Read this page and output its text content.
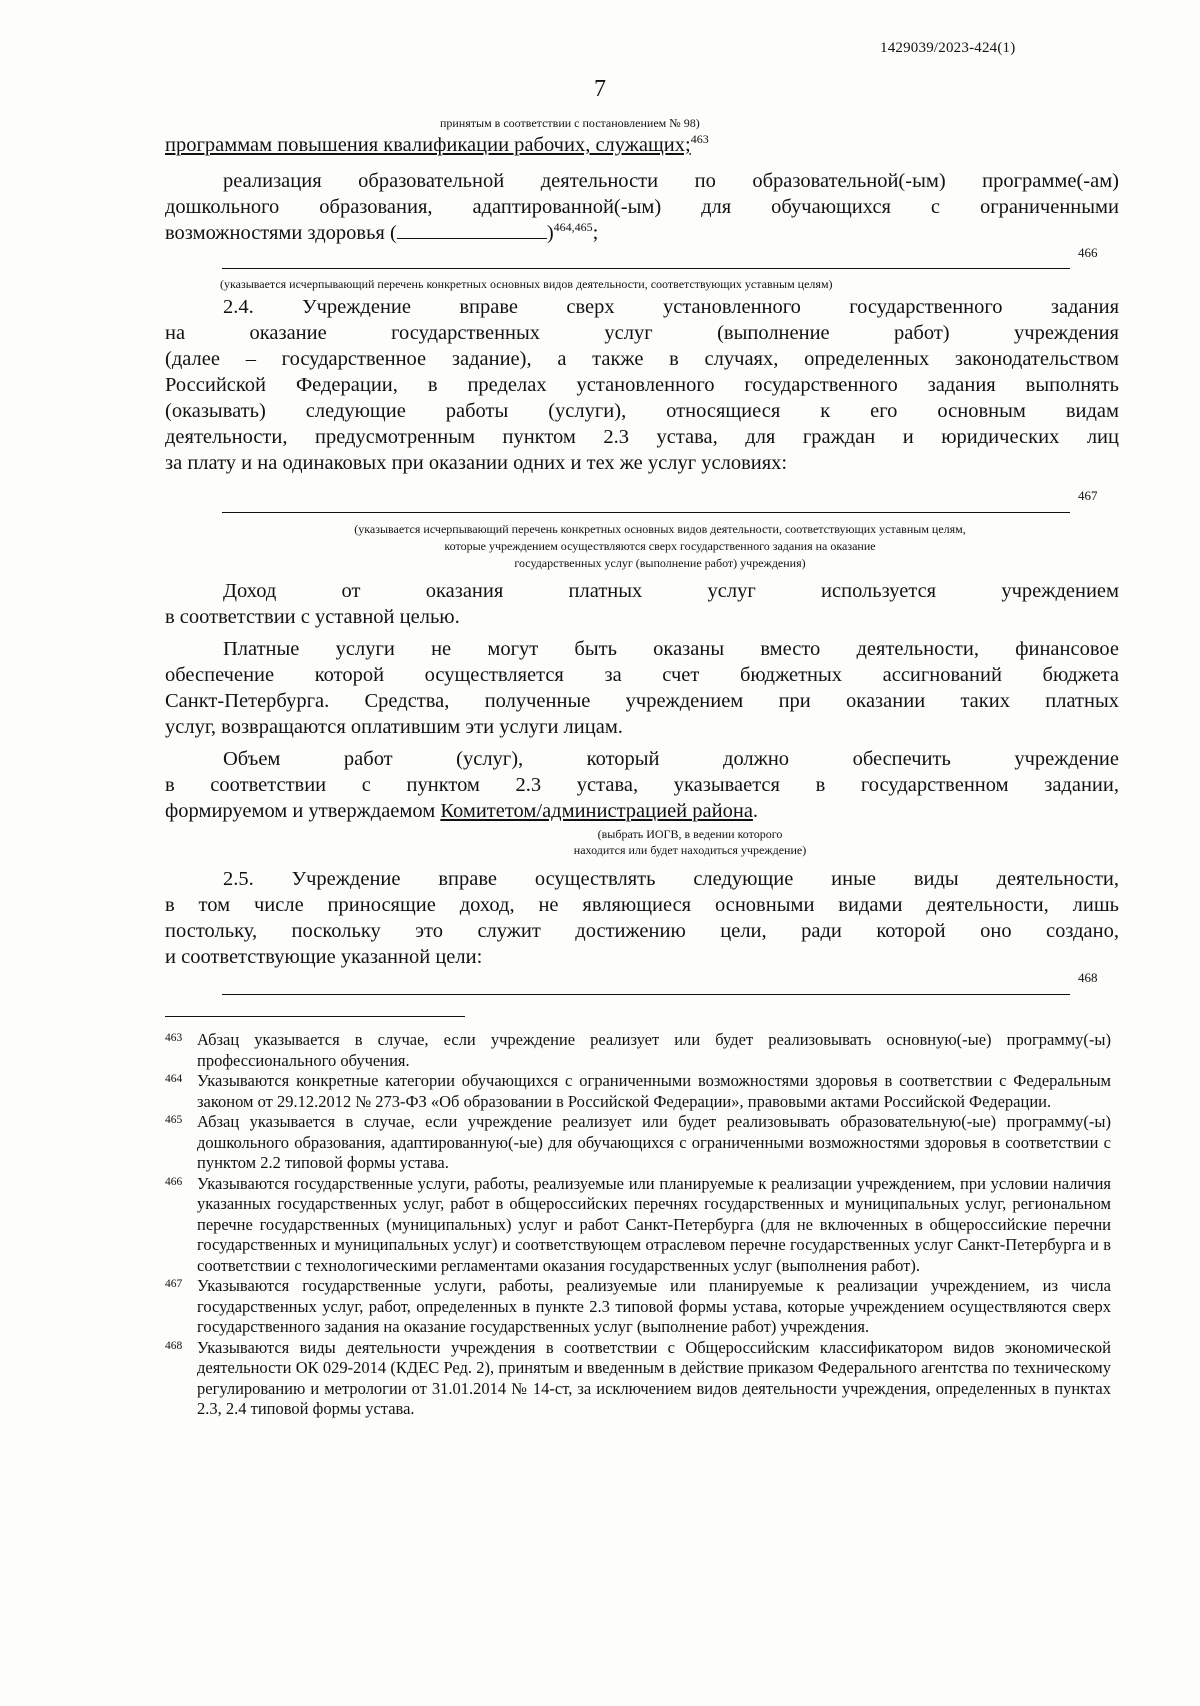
1429039/2023-424(1)
7
принятым в соответствии с постановлением № 98)
программам повышения квалификации рабочих, служащих;$^{463}$
реализация образовательной деятельности по образовательной(-ым) программе(-ам)
дошкольного образования, адаптированной(-ым) для обучающихся с ограниченными
возможностями здоровья (	)$^{464,465}$;
466
(указывается исчерпывающий перечень конкретных основных видов деятельности, соответствующих уставным целям)
2.4. Учреждение вправе сверх установленного государственного задания
на оказание государственных услуг (выполнение работ) учреждения
(далее – государственное задание), а также в случаях, определенных законодательством
Российской Федерации, в пределах установленного государственного задания выполнять
(оказывать) следующие работы (услуги), относящиеся к его основным видам
деятельности, предусмотренным пунктом 2.3 устава, для граждан и юридических лиц
за плату и на одинаковых при оказании одних и тех же услуг условиях:
467
(указывается исчерпывающий перечень конкретных основных видов деятельности, соответствующих уставным целям,
которые учреждением осуществляются сверх государственного задания на оказание
государственных услуг (выполнение работ) учреждения)
Доход от оказания платных услуг используется учреждением
в соответствии с уставной целью.
Платные услуги не могут быть оказаны вместо деятельности, финансовое
обеспечение которой осуществляется за счет бюджетных ассигнований бюджета
Санкт-Петербурга. Средства, полученные учреждением при оказании таких платных
услуг, возвращаются оплатившим эти услуги лицам.
Объем работ (услуг), который должно обеспечить учреждение
в соответствии с пунктом 2.3 устава, указывается в государственном задании,
формируемом и утверждаемом Комитетом/администрацией района.
(выбрать ИОГВ, в ведении которого
находится или будет находиться учреждение)
2.5. Учреждение вправе осуществлять следующие иные виды деятельности,
в том числе приносящие доход, не являющиеся основными видами деятельности, лишь
постольку, поскольку это служит достижению цели, ради которой оно создано,
и соответствующие указанной цели:
468
463 Абзац указывается в случае, если учреждение реализует или будет реализовывать основную(-ые) программу(-ы) профессионального обучения.
464 Указываются конкретные категории обучающихся с ограниченными возможностями здоровья в соответствии с Федеральным законом от 29.12.2012 № 273-ФЗ «Об образовании в Российской Федерации», правовыми актами Российской Федерации.
465 Абзац указывается в случае, если учреждение реализует или будет реализовывать образовательную(-ые) программу(-ы) дошкольного образования, адаптированную(-ые) для обучающихся с ограниченными возможностями здоровья в соответствии с пунктом 2.2 типовой формы устава.
466 Указываются государственные услуги, работы, реализуемые или планируемые к реализации учреждением, при условии наличия указанных государственных услуг, работ в общероссийских перечнях государственных и муниципальных услуг, региональном перечне государственных (муниципальных) услуг и работ Санкт-Петербурга (для не включенных в общероссийские перечни государственных и муниципальных услуг) и соответствующем отраслевом перечне государственных услуг Санкт-Петербурга и в соответствии с технологическими регламентами оказания государственных услуг (выполнения работ).
467 Указываются государственные услуги, работы, реализуемые или планируемые к реализации учреждением, из числа государственных услуг, работ, определенных в пункте 2.3 типовой формы устава, которые учреждением осуществляются сверх государственного задания на оказание государственных услуг (выполнение работ) учреждения.
468 Указываются виды деятельности учреждения в соответствии с Общероссийским классификатором видов экономической деятельности ОК 029-2014 (КДЕС Ред. 2), принятым и введенным в действие приказом Федерального агентства по техническому регулированию и метрологии от 31.01.2014 № 14-ст, за исключением видов деятельности учреждения, определенных в пунктах 2.3, 2.4 типовой формы устава.
